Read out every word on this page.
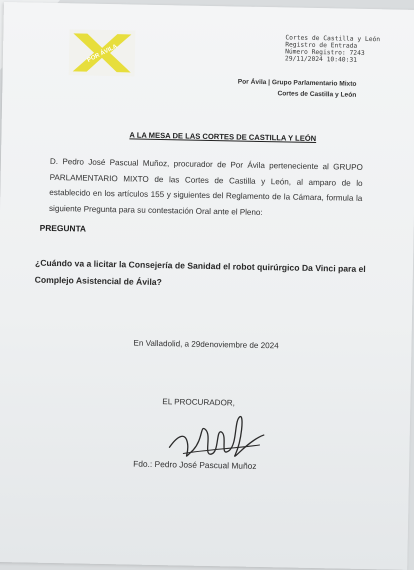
POR ÁVILA
Cortes de Castilla y León
Registro de Entrada
Número Registro: 7243
29/11/2024 10:40:31
Por Ávila | Grupo Parlamentario Mixto
Cortes de Castilla y León
A LA MESA DE LAS CORTES DE CASTILLA Y LEÓN
D. Pedro José Pascual Muñoz, procurador de Por Ávila perteneciente al GRUPO PARLAMENTARIO MIXTO de las Cortes de Castilla y León, al amparo de lo establecido en los artículos 155 y siguientes del Reglamento de la Cámara, formula la siguiente Pregunta para su contestación Oral ante el Pleno:
PREGUNTA
¿Cuándo va a licitar la Consejería de Sanidad el robot quirúrgico Da Vinci para el Complejo Asistencial de Ávila?
En Valladolid, a 29denoviembre de 2024
EL PROCURADOR,
Fdo.: Pedro José Pascual Muñoz
